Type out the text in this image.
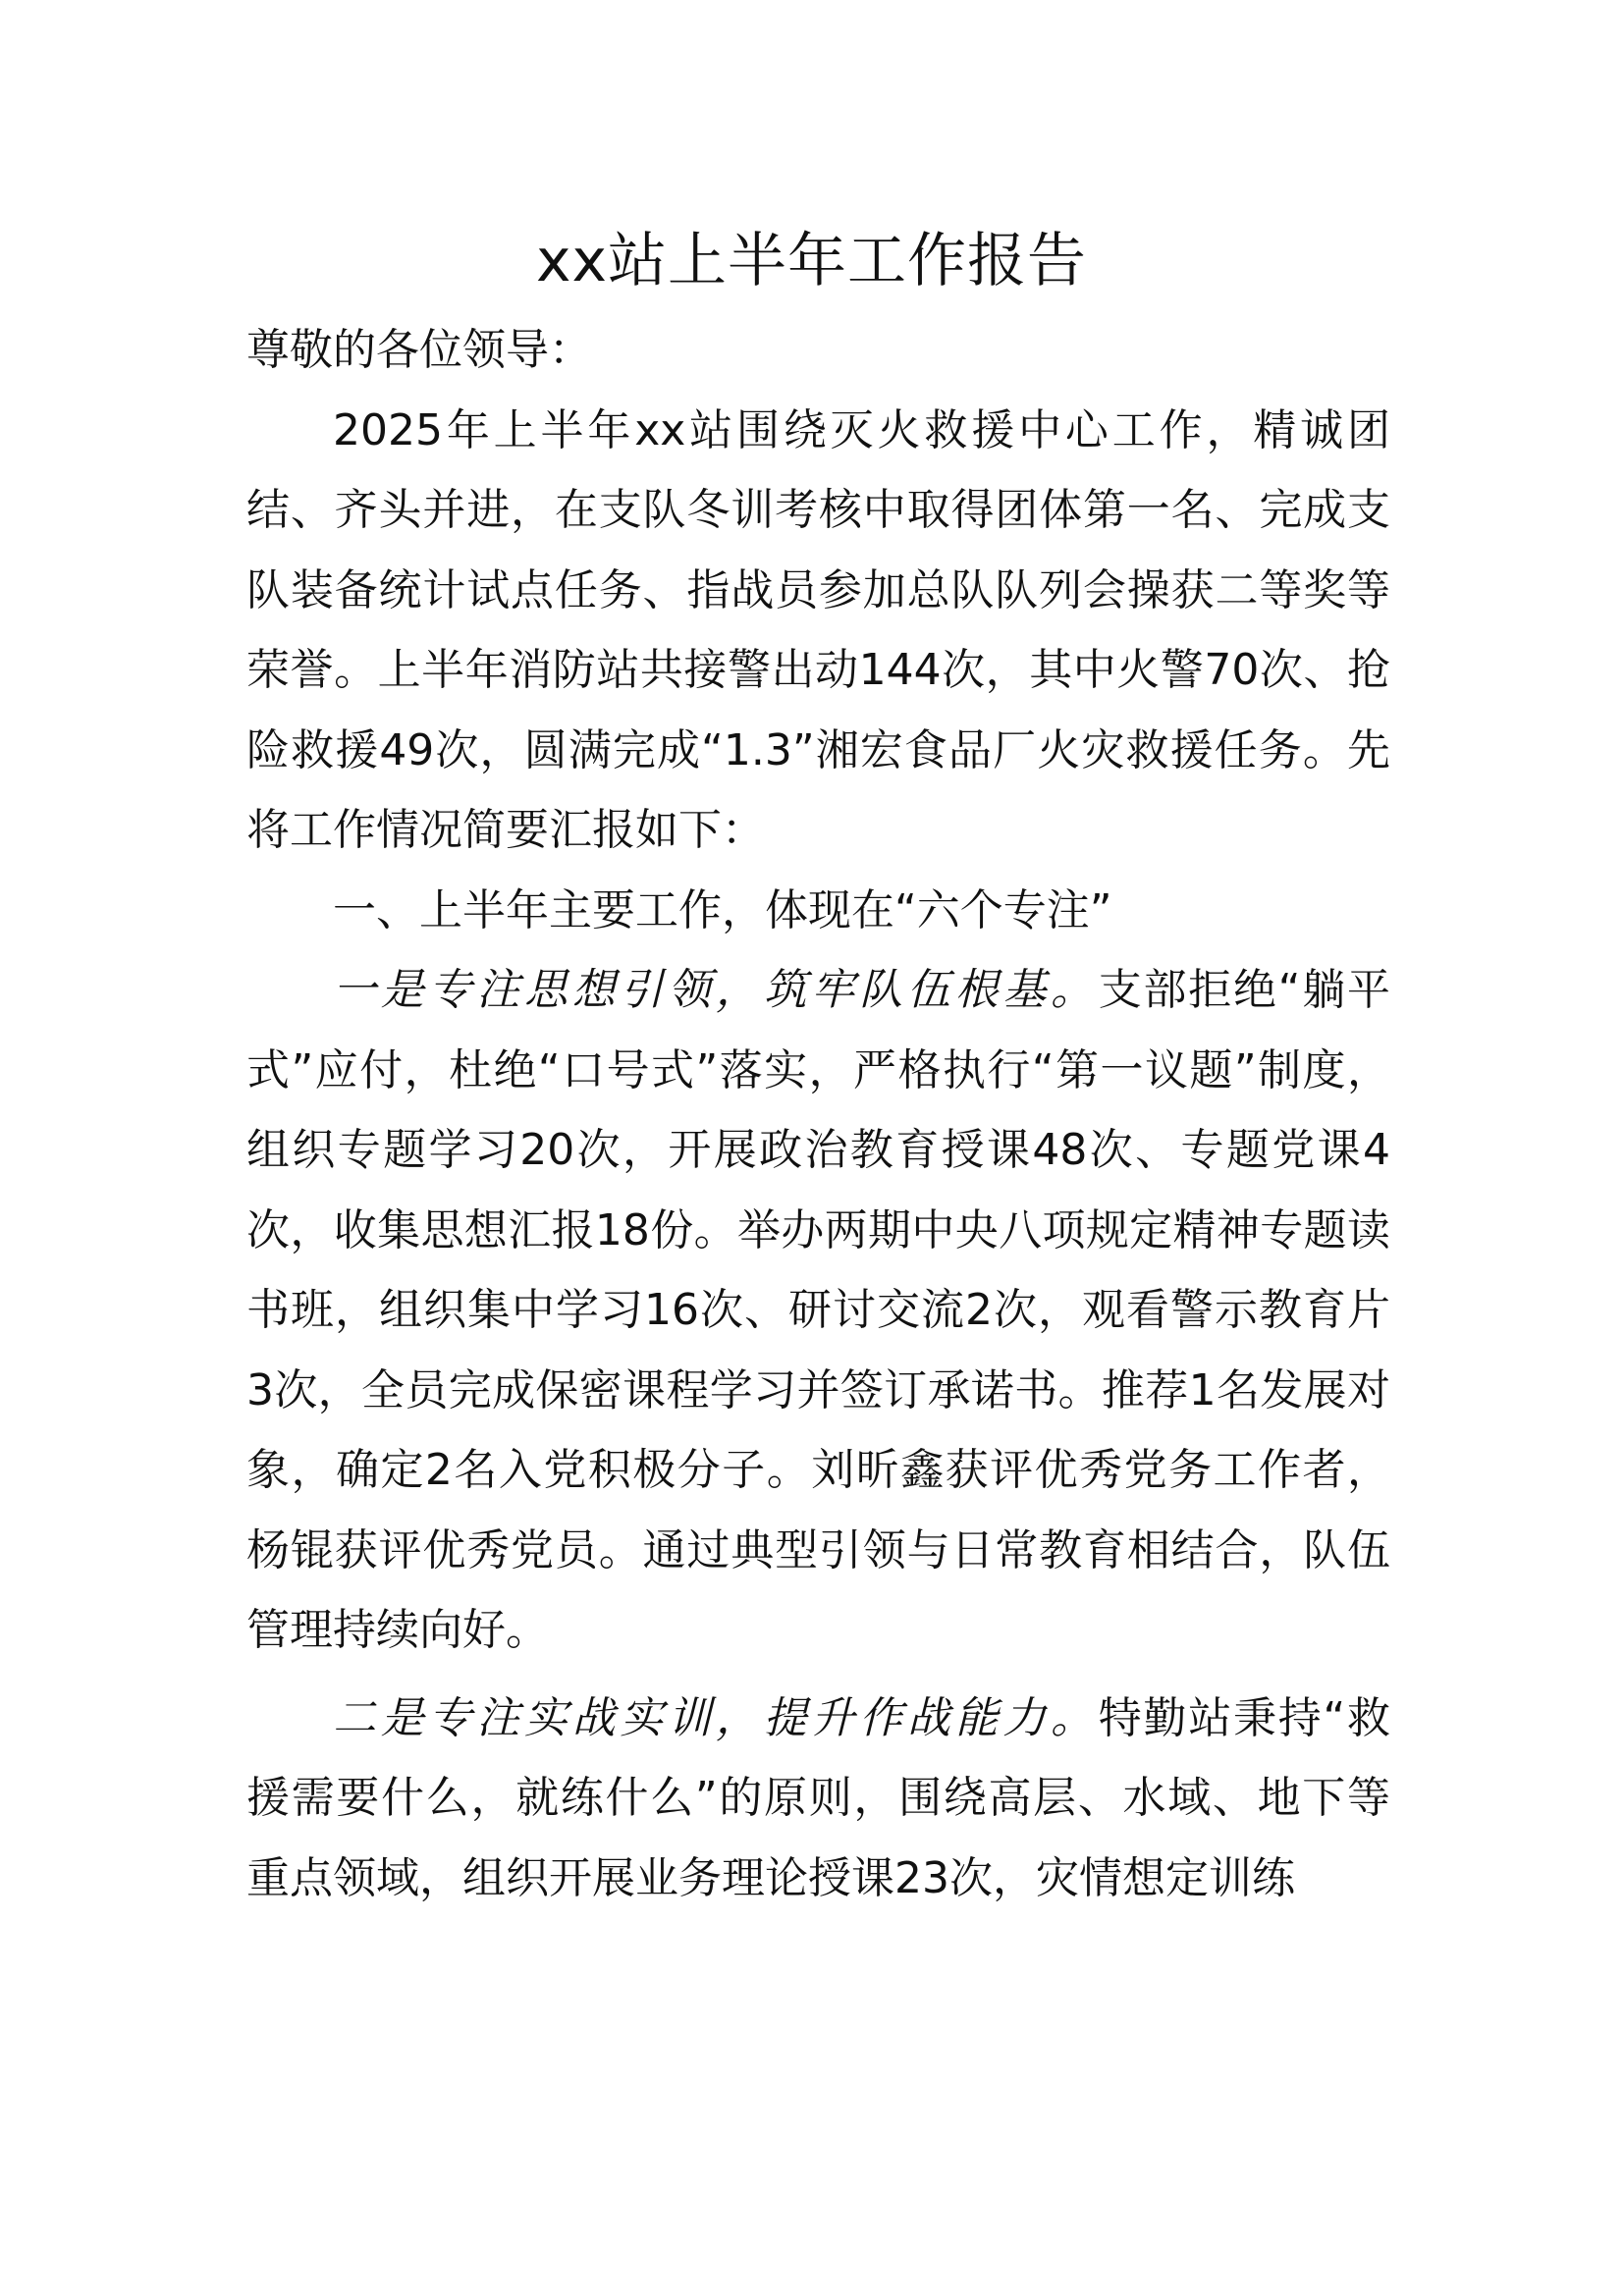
xx站上半年工作报告

尊敬的各位领导：

2025年上半年xx站围绕灭火救援中心工作，精诚团结、齐头并进，在支队冬训考核中取得团体第一名、完成支队装备统计试点任务、指战员参加总队队列会操获二等奖等荣誉。上半年消防站共接警出动144次，其中火警70次、抢险救援49次，圆满完成“1.3”湘宏食品厂火灾救援任务。先将工作情况简要汇报如下：

一、上半年主要工作，体现在“六个专注”

一是专注思想引领，筑牢队伍根基。支部拒绝“躺平式”应付，杜绝“口号式”落实，严格执行“第一议题”制度，组织专题学习20次，开展政治教育授课48次、专题党课4次，收集思想汇报18份。举办两期中央八项规定精神专题读书班，组织集中学习16次、研讨交流2次，观看警示教育片3次，全员完成保密课程学习并签订承诺书。推荐1名发展对象，确定2名入党积极分子。刘昕鑫获评优秀党务工作者，杨锟获评优秀党员。通过典型引领与日常教育相结合，队伍管理持续向好。

二是专注实战实训，提升作战能力。特勤站秉持“救援需要什么，就练什么”的原则，围绕高层、水域、地下等重点领域，组织开展业务理论授课23次，灾情想定训练
